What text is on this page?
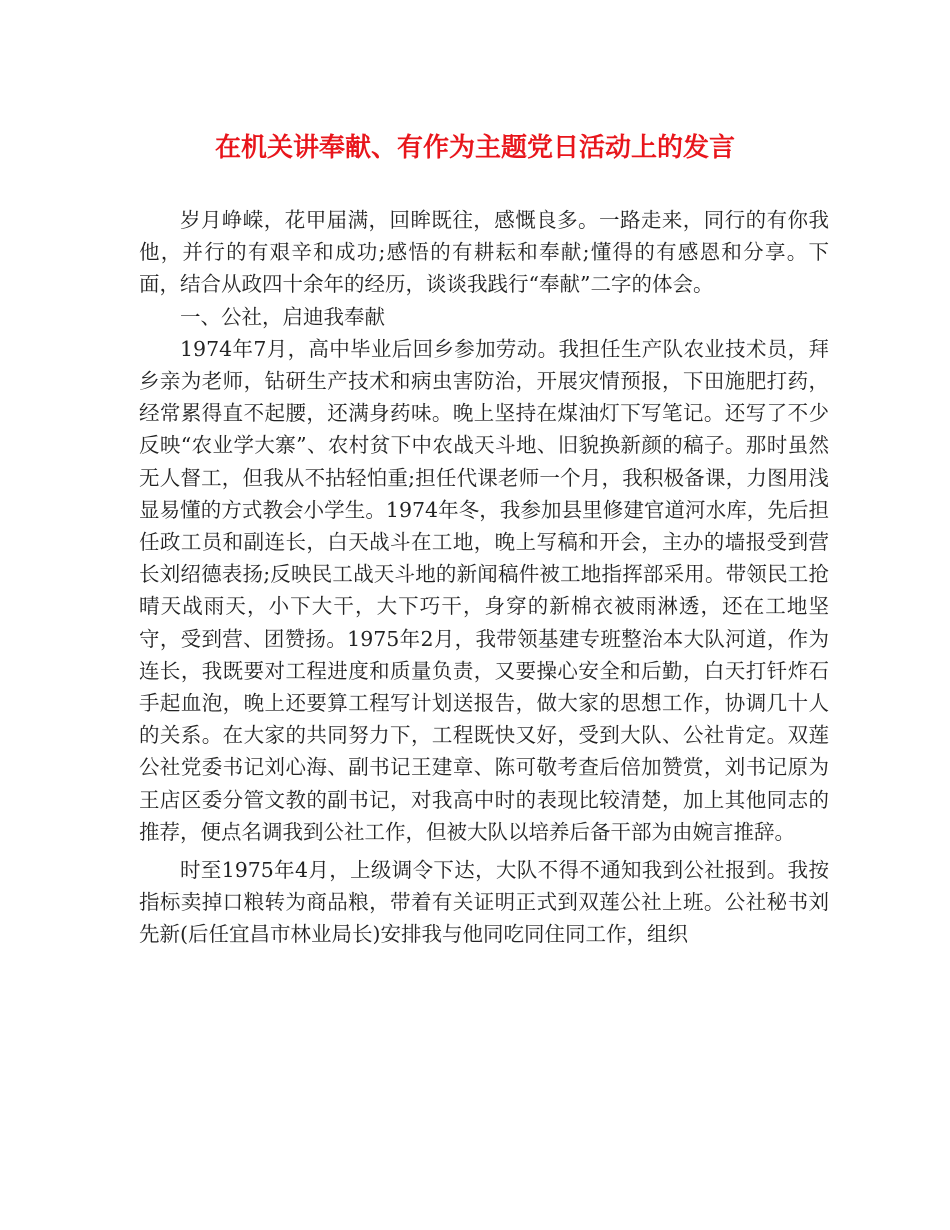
在机关讲奉献、有作为主题党日活动上的发言

岁月峥嵘，花甲届满，回眸既往，感慨良多。一路走来，同行的有你我他，并行的有艰辛和成功;感悟的有耕耘和奉献;懂得的有感恩和分享。下面，结合从政四十余年的经历，谈谈我践行“奉献”二字的体会。

一、公社，启迪我奉献

1974年7月，高中毕业后回乡参加劳动。我担任生产队农业技术员，拜乡亲为老师，钻研生产技术和病虫害防治，开展灾情预报，下田施肥打药，经常累得直不起腰，还满身药味。晚上坚持在煤油灯下写笔记。还写了不少反映“农业学大寨”、农村贫下中农战天斗地、旧貌换新颜的稿子。那时虽然无人督工，但我从不拈轻怕重;担任代课老师一个月，我积极备课，力图用浅显易懂的方式教会小学生。1974年冬，我参加县里修建官道河水库，先后担任政工员和副连长，白天战斗在工地，晚上写稿和开会，主办的墙报受到营长刘绍德表扬;反映民工战天斗地的新闻稿件被工地指挥部采用。带领民工抢晴天战雨天，小下大干，大下巧干，身穿的新棉衣被雨淋透，还在工地坚守，受到营、团赞扬。1975年2月，我带领基建专班整治本大队河道，作为连长，我既要对工程进度和质量负责，又要操心安全和后勤，白天打钎炸石手起血泡，晚上还要算工程写计划送报告，做大家的思想工作，协调几十人的关系。在大家的共同努力下，工程既快又好，受到大队、公社肯定。双莲公社党委书记刘心海、副书记王建章、陈可敬考查后倍加赞赏，刘书记原为王店区委分管文教的副书记，对我高中时的表现比较清楚，加上其他同志的推荐，便点名调我到公社工作，但被大队以培养后备干部为由婉言推辞。

时至1975年4月，上级调令下达，大队不得不通知我到公社报到。我按指标卖掉口粮转为商品粮，带着有关证明正式到双莲公社上班。公社秘书刘先新(后任宜昌市林业局长)安排我与他同吃同住同工作，组织
